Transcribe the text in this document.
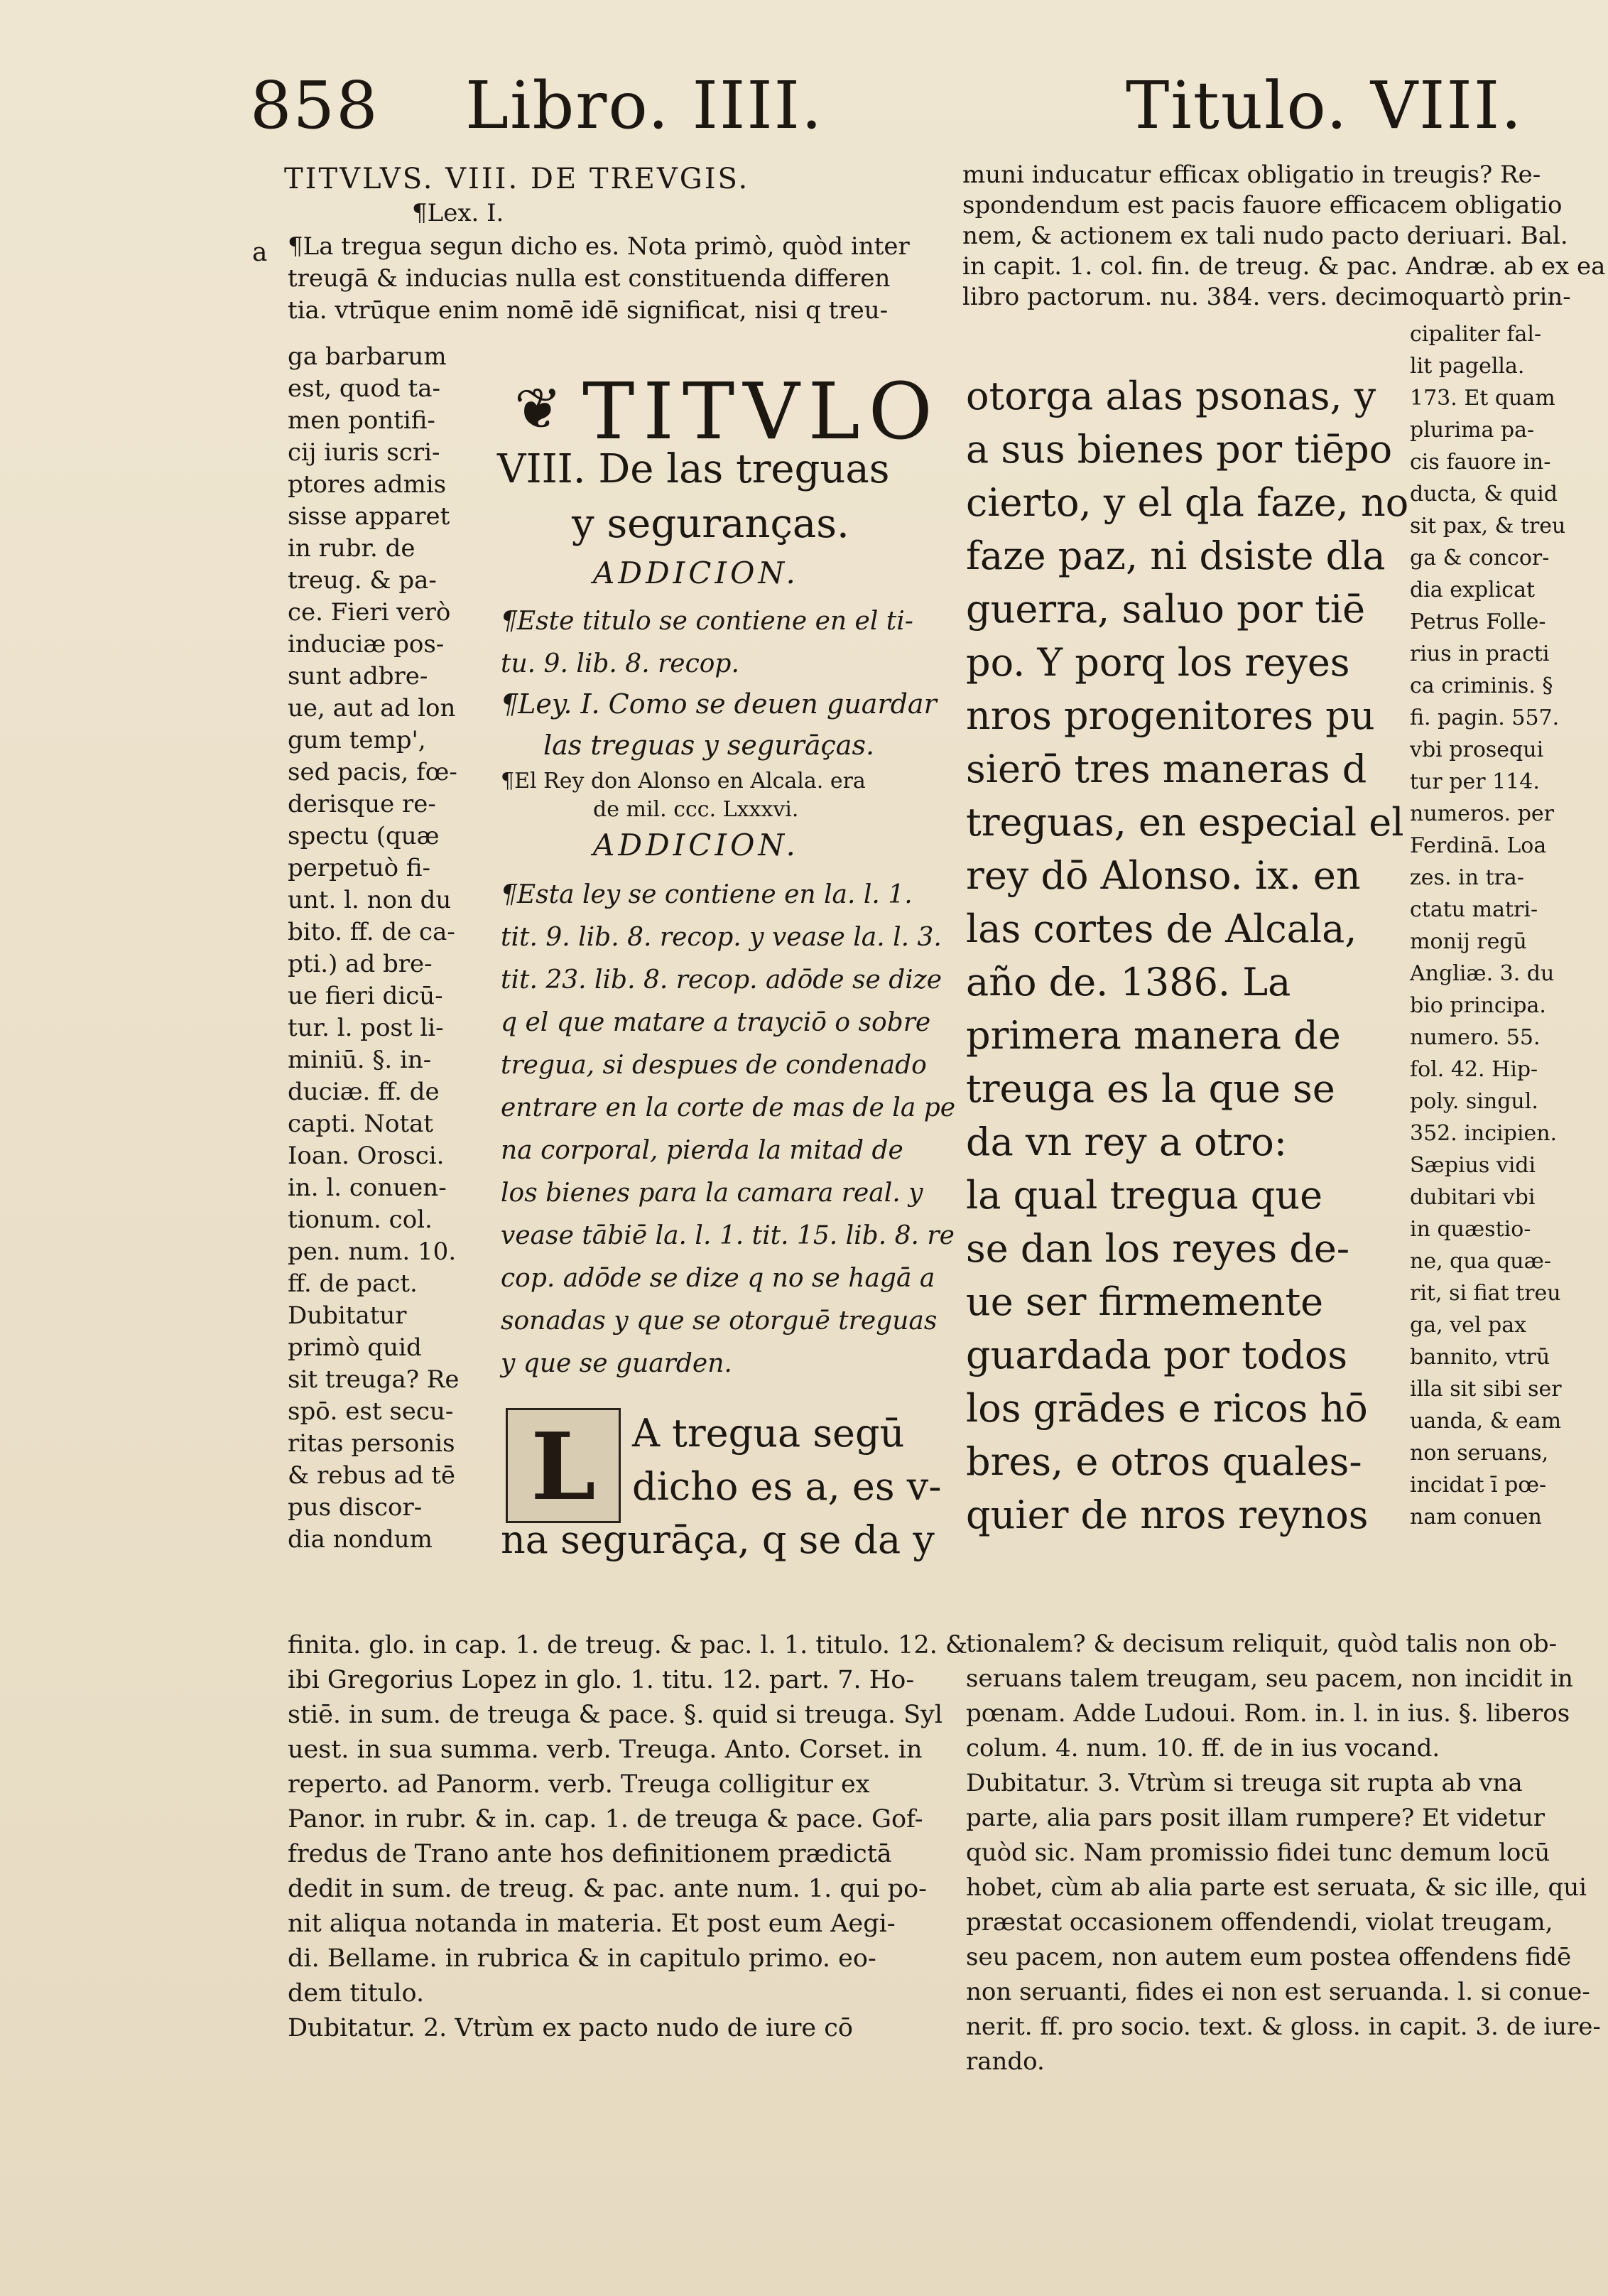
858 Libro. IIII.	Titulo. VIII.
TITVLVS. VIII. DE TREVGIS.
¶Lex. I.
a ¶La tregua segun dicho es. Nota primò, quòd inter
treugā & inducias nulla est constituenda differen
tia. vtrūque enim nomē idē significat, nisi q treu-
ga barbarum
est, quod ta-
men pontifi-
cij iuris scri-
ptores admis
sisse apparet
in rubr. de
treug. & pa-
ce. Fieri verò
induciæ pos-
sunt adbre-
ue, aut ad lon
gum temp',
sed pacis, fœ-
derisque re-
spectu (quæ
perpetuò fi-
unt. l. non du
bito. ff. de ca-
pti.) ad bre-
ue fieri dicū-
tur. l. post li-
miniū. §. in-
duciæ. ff. de
capti. Notat
Ioan. Orosci.
in. l. conuen-
tionum. col.
pen. num. 10.
ff. de pact.
Dubitatur
primò quid
sit treuga? Re
spō. est secu-
ritas personis
& rebus ad tē
pus discor-
dia nondum
❦ TITVLO
VIII. De las treguas
y seguranças.
ADDICION.
¶Este titulo se contiene en el ti-
tu. 9. lib. 8. recop.
¶Ley. I. Como se deuen guardar
las treguas y segurāças.
¶El Rey don Alonso en Alcala. era
de mil. ccc. Lxxxvi.
ADDICION.
¶Esta ley se contiene en la. l. 1.
tit. 9. lib. 8. recop. y vease la. l. 3.
tit. 23. lib. 8. recop. adōde se dize
q el que matare a trayciō o sobre
tregua, si despues de condenado
entrare en la corte de mas de la pe
na corporal, pierda la mitad de
los bienes para la camara real. y
vease tābiē la. l. 1. tit. 15. lib. 8. re
cop. adōde se dize q no se hagā a
sonadas y que se otorguē treguas
y que se guarden.
L A tregua segū
dicho es a, es v-
na segurāça, q se da y
finita. glo. in cap. 1. de treug. & pac. l. 1. titulo. 12. &
ibi Gregorius Lopez in glo. 1. titu. 12. part. 7. Ho-
stiē. in sum. de treuga & pace. §. quid si treuga. Syl
uest. in sua summa. verb. Treuga. Anto. Corset. in
reperto. ad Panorm. verb. Treuga colligitur ex
Panor. in rubr. & in. cap. 1. de treuga & pace. Gof-
fredus de Trano ante hos definitionem prædictā
dedit in sum. de treug. & pac. ante num. 1. qui po-
nit aliqua notanda in materia. Et post eum Aegi-
di. Bellame. in rubrica & in capitulo primo. eo-
dem titulo.
Dubitatur. 2. Vtrùm ex pacto nudo de iure cō
muni inducatur efficax obligatio in treugis? Re-
spondendum est pacis fauore efficacem obligatio
nem, & actionem ex tali nudo pacto deriuari. Bal.
in capit. 1. col. fin. de treug. & pac. Andræ. ab ex ea
libro pactorum. nu. 384. vers. decimoquartò prin-
otorga alas psonas, y
a sus bienes por tiēpo
cierto, y el qla faze, no
faze paz, ni dsiste dla
guerra, saluo por tiē
po. Y porq los reyes
nros progenitores pu
sierō tres maneras d
treguas, en especial el
rey dō Alonso. ix. en
las cortes de Alcala,
año de. 1386. La
primera manera de
treuga es la que se
da vn rey a otro:
la qual tregua que
se dan los reyes de-
ue ser firmemente
guardada por todos
los grādes e ricos hō
bres, e otros quales-
quier de nros reynos
cipaliter fal-
lit pagella.
173. Et quam
plurima pa-
cis fauore in-
ducta, & quid
sit pax, & treu
ga & concor-
dia explicat
Petrus Folle-
rius in practi
ca criminis. §
fi. pagin. 557.
vbi prosequi
tur per 114.
numeros. per
Ferdinā. Loa
zes. in tra-
ctatu matri-
monij regū
Angliæ. 3. du
bio principa.
numero. 55.
fol. 42. Hip-
poly. singul.
352. incipien.
Sæpius vidi
dubitari vbi
in quæstio-
ne, qua quæ-
rit, si fiat treu
ga, vel pax
bannito, vtrū
illa sit sibi ser
uanda, & eam
non seruans,
incidat ī pœ-
nam conuen
tionalem? & decisum reliquit, quòd talis non ob-
seruans talem treugam, seu pacem, non incidit in
pœnam. Adde Ludoui. Rom. in. l. in ius. §. liberos
colum. 4. num. 10. ff. de in ius vocand.
Dubitatur. 3. Vtrùm si treuga sit rupta ab vna
parte, alia pars posit illam rumpere? Et videtur
quòd sic. Nam promissio fidei tunc demum locū
hobet, cùm ab alia parte est seruata, & sic ille, qui
præstat occasionem offendendi, violat treugam,
seu pacem, non autem eum postea offendens fidē
non seruanti, fides ei non est seruanda. l. si conue-
nerit. ff. pro socio. text. & gloss. in capit. 3. de iure-
rando.
